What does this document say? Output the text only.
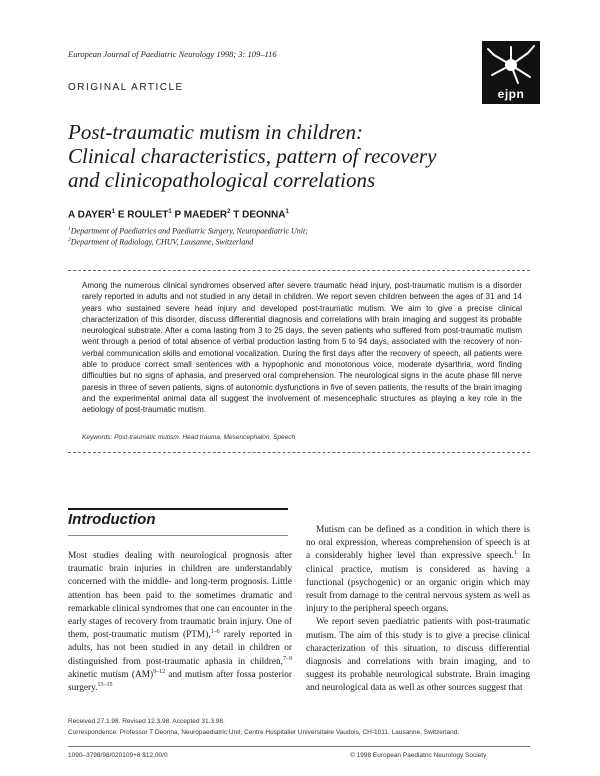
European Journal of Paediatric Neurology 1998; 3: 109–116
ORIGINAL ARTICLE	ejpn
Post-traumatic mutism in children:
Clinical characteristics, pattern of recovery
and clinicopathological correlations
A DAYER$^1$ E ROULET$^1$ P MAEDER$^2$ T DEONNA$^1$
$^1$Department of Paediatrics and Paediatric Surgery, Neuropaediatric Unit;
$^2$Department of Radiology, CHUV, Lausanne, Switzerland
Among the numerous clinical syndromes observed after severe traumatic head injury, post-traumatic mutism is a disorder rarely reported in adults and not studied in any detail in children. We report seven children between the ages of 31 and 14 years who sustained severe head injury and developed post-traumatic mutism. We aim to give a precise clinical characterization of this disorder, discuss differential diagnosis and correlations with brain imaging and suggest its probable neurological substrate. After a coma lasting from 3 to 25 days, the seven patients who suffered from post-traumatic mutism went through a period of total absence of verbal production lasting from 5 to 94 days, associated with the recovery of non-verbal communication skills and emotional vocalization. During the first days after the recovery of speech, all patients were able to produce correct small sentences with a hypophonic and monotonous voice, moderate dysarthria, word finding difficulties but no signs of aphasia, and preserved oral comprehension. The neurological signs in the acute phase fill nerve paresis in three of seven patients, signs of autonomic dysfunctions in five of seven patients, the results of the brain imaging and the experimental animal data all suggest the involvement of mesencephalic structures as playing a key role in the aetiology of post-traumatic mutism.
Keywords: Post-traumatic mutism. Head trauma. Mesencephalon. Speech
Introduction

Most studies dealing with neurological prognosis after traumatic brain injuries in children are understandably concerned with the middle- and long-term prognosis. Little attention has been paid to the sometimes dramatic and remarkable clinical syndromes that one can encounter in the early stages of recovery from traumatic brain injury. One of them, post-traumatic mutism (PTM),$^{1-6}$ rarely reported in adults, has not been studied in any detail in children or distinguished from post-traumatic aphasia in children,$^{7-9}$ akinetic mutism (AM)$^{9-12}$ and mutism after fossa posterior surgery.$^{13-15}$

Mutism can be defined as a condition in which there is no oral expression, whereas comprehension of speech is at a considerably higher level than expressive speech.$^1$ In clinical practice, mutism is considered as having a functional (psychogenic) or an organic origin which may result from damage to the central nervous system as well as injury to the peripheral speech organs.

We report seven paediatric patients with post-traumatic mutism. The aim of this study is to give a precise clinical characterization of this situation, to discuss differential diagnosis and correlations with brain imaging, and to suggest its probable neurological substrate. Brain imaging and neurological data as well as other sources suggest that

Received 27.1.98. Revised 12.3.98. Accepted 31.3.98.
Correspondence: Professor T Deonna, Neuropaediatric Unit, Centre Hospitalier Universitaire Vaudois, CH-1011, Lausanne, Switzerland.
1090–3798/98/020109+8 $12.00/0	© 1998 European Paediatric Neurology Society
